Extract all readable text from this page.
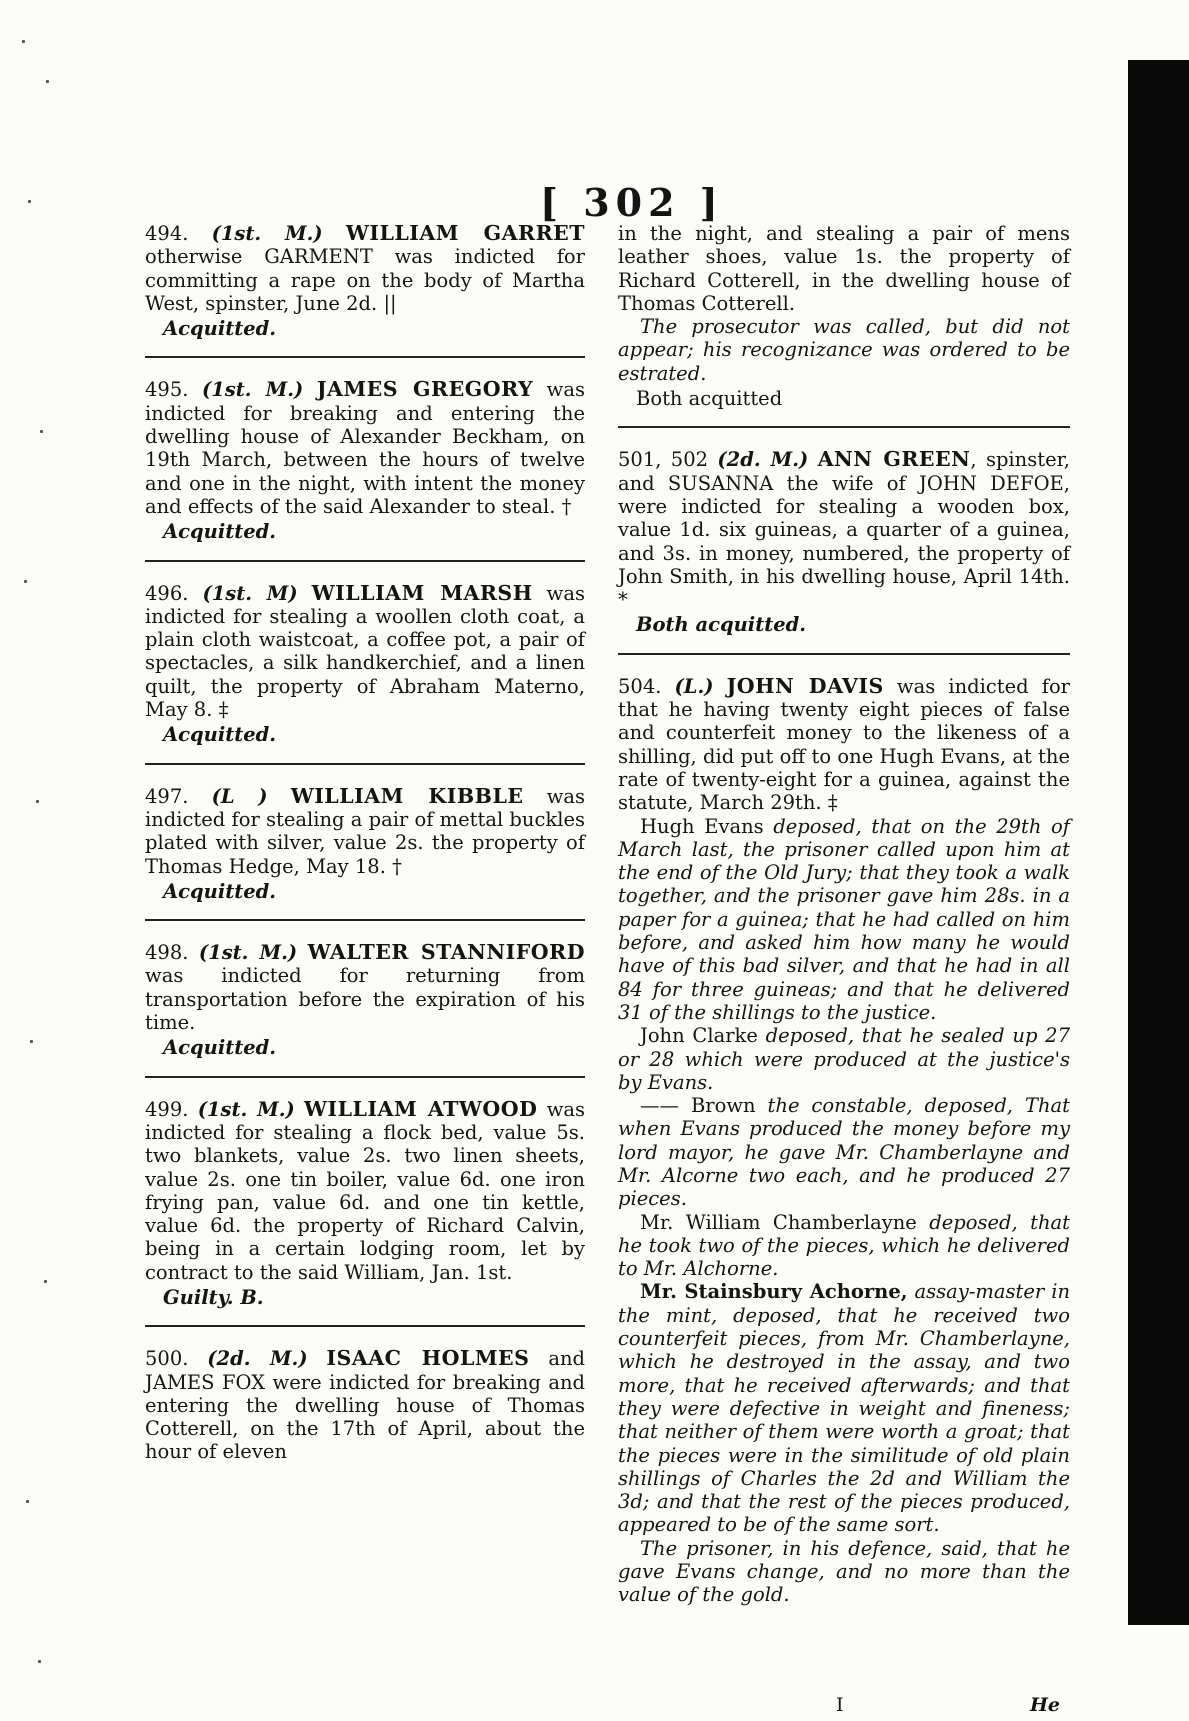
[ 302 ]

494. (1st. M.) WILLIAM GARRET otherwise GARMENT was indicted for committing a rape on the body of Martha West, spinster, June 2d. ||

Acquitted.

495. (1st. M.) JAMES GREGORY was indicted for breaking and entering the dwelling house of Alexander Beckham, on 19th March, between the hours of twelve and one in the night, with intent the money and effects of the said Alexander to steal. †

Acquitted.

496. (1st. M) WILLIAM MARSH was indicted for stealing a woollen cloth coat, a plain cloth waistcoat, a coffee pot, a pair of spectacles, a silk handkerchief, and a linen quilt, the property of Abraham Materno, May 8. ‡

Acquitted.

497. (L ) WILLIAM KIBBLE was indicted for stealing a pair of mettal buckles plated with silver, value 2s. the property of Thomas Hedge, May 18. †

Acquitted.

498. (1st. M.) WALTER STANNIFORD was indicted for returning from transportation before the expiration of his time.

Acquitted.

499. (1st. M.) WILLIAM ATWOOD was indicted for stealing a flock bed, value 5s. two blankets, value 2s. two linen sheets, value 2s. one tin boiler, value 6d. one iron frying pan, value 6d. and one tin kettle, value 6d. the property of Richard Calvin, being in a certain lodging room, let by contract to the said William, Jan. 1st.

Guilty. B.

500. (2d. M.) ISAAC HOLMES and JAMES FOX were indicted for breaking and entering the dwelling house of Thomas Cotterell, on the 17th of April, about the hour of eleven

in the night, and stealing a pair of mens leather shoes, value 1s. the property of Richard Cotterell, in the dwelling house of Thomas Cotterell.

The prosecutor was called, but did not appear; his recognizance was ordered to be estrated.

Both acquitted

501, 502 (2d. M.) ANN GREEN, spinster, and SUSANNA the wife of JOHN DEFOE, were indicted for stealing a wooden box, value 1d. six guineas, a quarter of a guinea, and 3s. in money, numbered, the property of John Smith, in his dwelling house, April 14th. *

Both acquitted.

504. (L.) JOHN DAVIS was indicted for that he having twenty eight pieces of false and counterfeit money to the likeness of a shilling, did put off to one Hugh Evans, at the rate of twenty-eight for a guinea, against the statute, March 29th. ‡

Hugh Evans deposed, that on the 29th of March last, the prisoner called upon him at the end of the Old Jury; that they took a walk together, and the prisoner gave him 28s. in a paper for a guinea; that he had called on him before, and asked him how many he would have of this bad silver, and that he had in all 84 for three guineas; and that he delivered 31 of the shillings to the justice.

John Clarke deposed, that he sealed up 27 or 28 which were produced at the justice's by Evans.

—— Brown the constable, deposed, That when Evans produced the money before my lord mayor, he gave Mr. Chamberlayne and Mr. Alcorne two each, and he produced 27 pieces.

Mr. William Chamberlayne deposed, that he took two of the pieces, which he delivered to Mr. Alchorne.

Mr. Stainsbury Achorne, assay-master in the mint, deposed, that he received two counterfeit pieces, from Mr. Chamberlayne, which he destroyed in the assay, and two more, that he received afterwards; and that they were defective in weight and fineness; that neither of them were worth a groat; that the pieces were in the similitude of old plain shillings of Charles the 2d and William the 3d; and that the rest of the pieces produced, appeared to be of the same sort.

The prisoner, in his defence, said, that he gave Evans change, and no more than the value of the gold.

I	He
